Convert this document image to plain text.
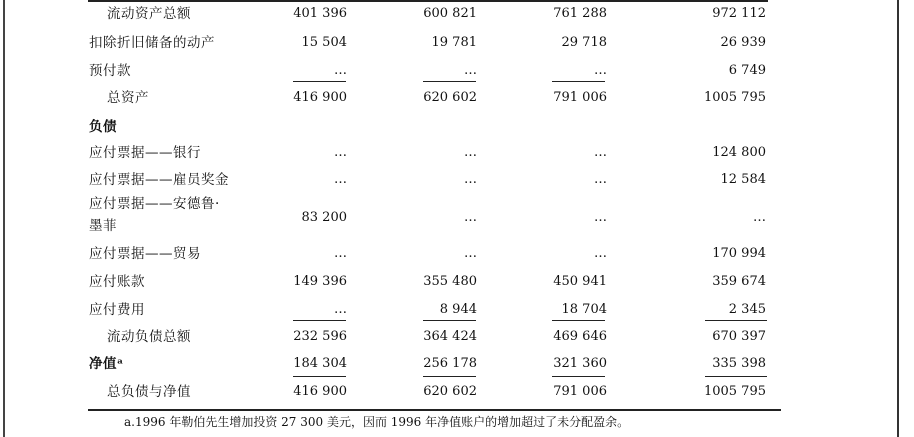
流动资产总额	401 396	600 821	761 288	972 112
扣除折旧储备的动产	15 504	19 781	29 718	26 939
预付款	…	…	…	6 749
总资产	416 900	620 602	791 006	1005 795
负债
应付票据——银行	…	…	…	124 800
应付票据——雇员奖金	…	…	…	12 584
应付票据——安德鲁·
墨菲
83 200	…	…	…
应付票据——贸易	…	…	…	170 994
应付账款	149 396	355 480	450 941	359 674
应付费用	…	8 944	18 704	2 345
流动负债总额	232 596	364 424	469 646	670 397
净值ᵃ	184 304	256 178	321 360	335 398
总负债与净值	416 900	620 602	791 006	1005 795
a.1996 年勒伯先生增加投资 27 300 美元，因而 1996 年净值账户的增加超过了未分配盈余。
